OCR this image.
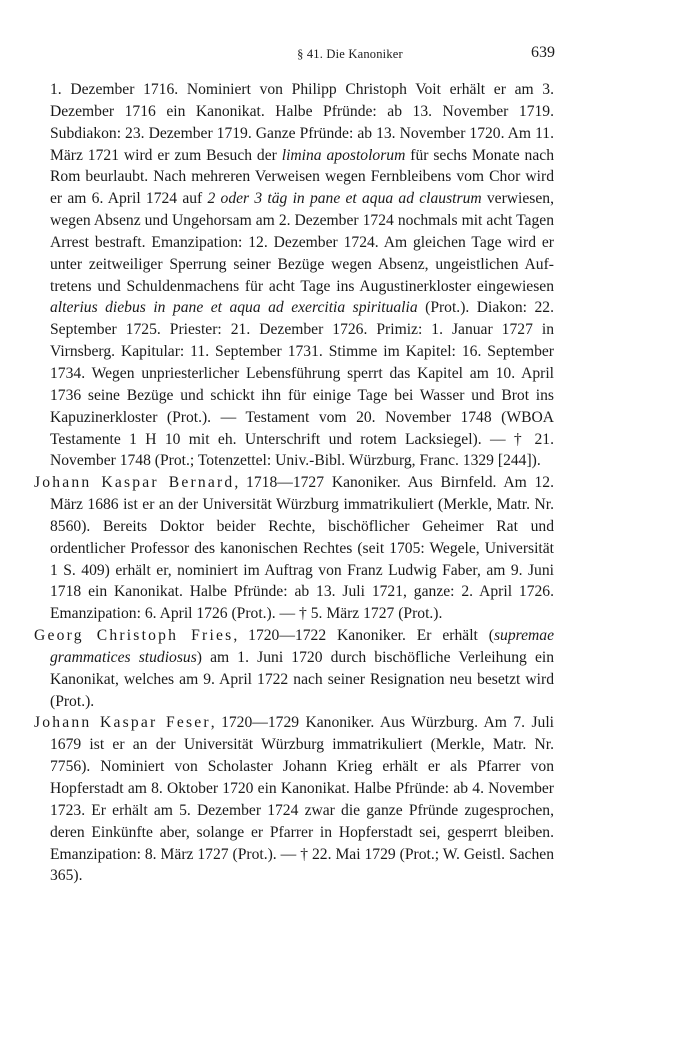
§ 41. Die Kanoniker	639

1. Dezember 1716. Nominiert von Philipp Christoph Voit erhält er am 3. Dezember 1716 ein Kanonikat. Halbe Pfründe: ab 13. November 1719. Subdiakon: 23. Dezember 1719. Ganze Pfründe: ab 13. November 1720. Am 11. März 1721 wird er zum Besuch der limina apostolorum für sechs Monate nach Rom beurlaubt. Nach mehreren Verweisen wegen Fernbleibens vom Chor wird er am 6. April 1724 auf 2 oder 3 täg in pane et aqua ad claustrum verwiesen, wegen Absenz und Ungehorsam am 2. Dezember 1724 nochmals mit acht Tagen Arrest bestraft. Emanzipation: 12. Dezember 1724. Am gleichen Tage wird er unter zeitweiliger Sperrung seiner Bezüge wegen Absenz, ungeistlichen Auftretens und Schuldenmachens für acht Tage ins Augustinerkloster eingewiesen alterius diebus in pane et aqua ad exercitia spiritualia (Prot.). Diakon: 22. September 1725. Priester: 21. Dezember 1726. Primiz: 1. Januar 1727 in Virnsberg. Kapitular: 11. September 1731. Stimme im Kapitel: 16. September 1734. Wegen unpriesterlicher Lebensführung sperrt das Kapitel am 10. April 1736 seine Bezüge und schickt ihn für einige Tage bei Wasser und Brot ins Kapuzinerkloster (Prot.). — Testament vom 20. November 1748 (WBOA Testamente 1 H 10 mit eh. Unterschrift und rotem Lacksiegel). — † 21. November 1748 (Prot.; Totenzettel: Univ.-Bibl. Würzburg, Franc. 1329 [244]).

Johann Kaspar Bernard, 1718—1727 Kanoniker. Aus Birnfeld. Am 12. März 1686 ist er an der Universität Würzburg immatrikuliert (Merkle, Matr. Nr. 8560). Bereits Doktor beider Rechte, bischöflicher Geheimer Rat und ordentlicher Professor des kanonischen Rechtes (seit 1705: Wegele, Universität 1 S. 409) erhält er, nominiert im Auftrag von Franz Ludwig Faber, am 9. Juni 1718 ein Kanonikat. Halbe Pfründe: ab 13. Juli 1721, ganze: 2. April 1726. Emanzipation: 6. April 1726 (Prot.). — † 5. März 1727 (Prot.).

Georg Christoph Fries, 1720—1722 Kanoniker. Er erhält (supremae grammatices studiosus) am 1. Juni 1720 durch bischöfliche Verleihung ein Kanonikat, welches am 9. April 1722 nach seiner Resignation neu besetzt wird (Prot.).

Johann Kaspar Feser, 1720—1729 Kanoniker. Aus Würzburg. Am 7. Juli 1679 ist er an der Universität Würzburg immatrikuliert (Merkle, Matr. Nr. 7756). Nominiert von Scholaster Johann Krieg erhält er als Pfarrer von Hopferstadt am 8. Oktober 1720 ein Kanonikat. Halbe Pfründe: ab 4. November 1723. Er erhält am 5. Dezember 1724 zwar die ganze Pfründe zugesprochen, deren Einkünfte aber, solange er Pfarrer in Hopferstadt sei, gesperrt bleiben. Emanzipation: 8. März 1727 (Prot.). — † 22. Mai 1729 (Prot.; W. Geistl. Sachen 365).
